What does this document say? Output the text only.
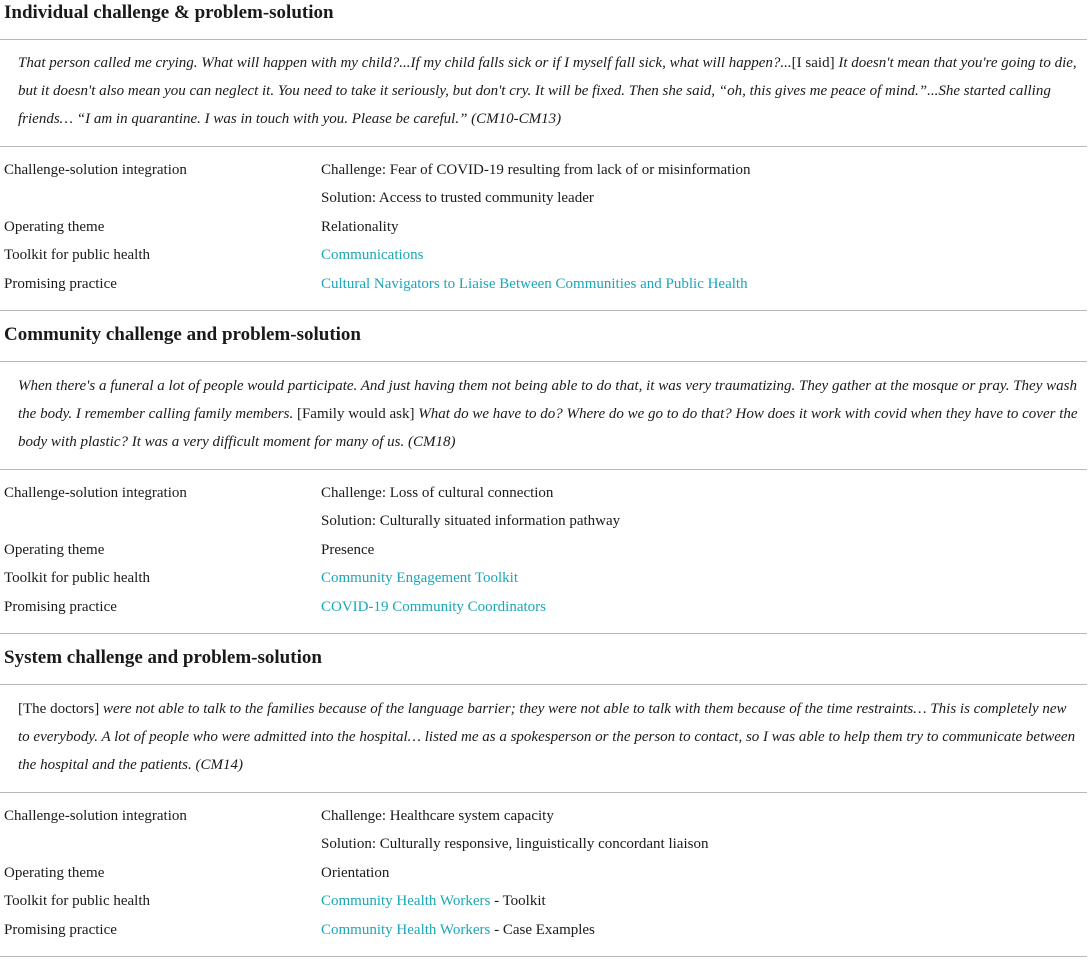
Individual challenge & problem-solution
That person called me crying. What will happen with my child?...If my child falls sick or if I myself fall sick, what will happen?...[I said] It doesn't mean that you're going to die, but it doesn't also mean you can neglect it. You need to take it seriously, but don't cry. It will be fixed. Then she said, “oh, this gives me peace of mind.”...She started calling friends… “I am in quarantine. I was in touch with you. Please be careful.” (CM10-CM13)
Challenge-solution integration	Challenge: Fear of COVID-19 resulting from lack of or misinformation
Solution: Access to trusted community leader
Operating theme	Relationality
Toolkit for public health	Communications
Promising practice	Cultural Navigators to Liaise Between Communities and Public Health
Community challenge and problem-solution
When there's a funeral a lot of people would participate. And just having them not being able to do that, it was very traumatizing. They gather at the mosque or pray. They wash the body. I remember calling family members. [Family would ask] What do we have to do? Where do we go to do that? How does it work with covid when they have to cover the body with plastic? It was a very difficult moment for many of us. (CM18)
Challenge-solution integration	Challenge: Loss of cultural connection
Solution: Culturally situated information pathway
Operating theme	Presence
Toolkit for public health	Community Engagement Toolkit
Promising practice	COVID-19 Community Coordinators
System challenge and problem-solution
[The doctors] were not able to talk to the families because of the language barrier; they were not able to talk with them because of the time restraints… This is completely new to everybody. A lot of people who were admitted into the hospital… listed me as a spokesperson or the person to contact, so I was able to help them try to communicate between the hospital and the patients. (CM14)
Challenge-solution integration	Challenge: Healthcare system capacity
Solution: Culturally responsive, linguistically concordant liaison
Operating theme	Orientation
Toolkit for public health	Community Health Workers - Toolkit
Promising practice	Community Health Workers - Case Examples
